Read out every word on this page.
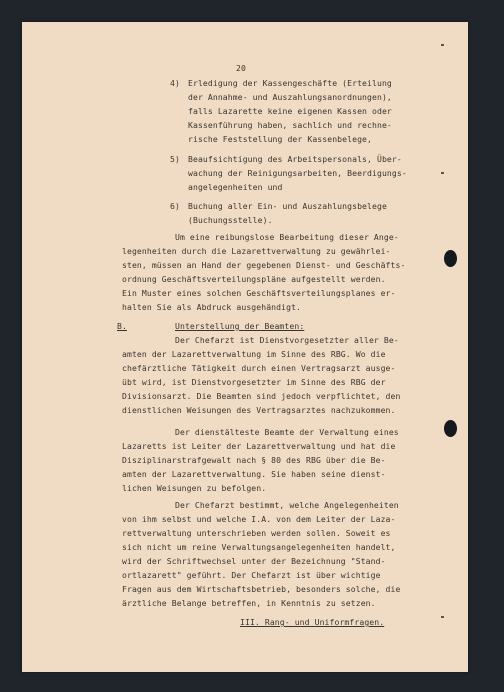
20
4) Erledigung der Kassengeschäfte (Erteilung
der Annahme- und Auszahlungsanordnungen),
falls Lazarette keine eigenen Kassen oder
Kassenführung haben, sachlich und rechne-
rische Feststellung der Kassenbelege,
5) Beaufsichtigung des Arbeitspersonals, Über-
wachung der Reinigungsarbeiten, Beerdigungs-
angelegenheiten und
6) Buchung aller Ein- und Auszahlungsbelege
(Buchungsstelle).
Um eine reibungslose Bearbeitung dieser Ange-
legenheiten durch die Lazarettverwaltung zu gewährlei-
sten, müssen an Hand der gegebenen Dienst- und Geschäfts-
ordnung Geschäftsverteilungspläne aufgestellt werden.
Ein Muster eines solchen Geschäftsverteilungsplanes er-
halten Sie als Abdruck ausgehändigt.
B.	Unterstellung der Beamten:
Der Chefarzt ist Dienstvorgesetzter aller Be-
amten der Lazarettverwaltung im Sinne des RBG. Wo die
chefärztliche Tätigkeit durch einen Vertragsarzt ausge-
übt wird, ist Dienstvorgesetzter im Sinne des RBG der
Divisionsarzt. Die Beamten sind jedoch verpflichtet, den
dienstlichen Weisungen des Vertragsarztes nachzukommen.
Der dienstälteste Beamte der Verwaltung eines
Lazaretts ist Leiter der Lazarettverwaltung und hat die
Disziplinarstrafgewalt nach § 80 des RBG über die Be-
amten der Lazarettverwaltung. Sie haben seine dienst-
lichen Weisungen zu befolgen.
Der Chefarzt bestimmt, welche Angelegenheiten
von ihm selbst und welche I.A. von dem Leiter der Laza-
rettverwaltung unterschrieben werden sollen. Soweit es
sich nicht um reine Verwaltungsangelegenheiten handelt,
wird der Schriftwechsel unter der Bezeichnung "Stand-
ortlazarett" geführt. Der Chefarzt ist über wichtige
Fragen aus dem Wirtschaftsbetrieb, besonders solche, die
ärztliche Belange betreffen, in Kenntnis zu setzen.
III. Rang- und Uniformfragen.
